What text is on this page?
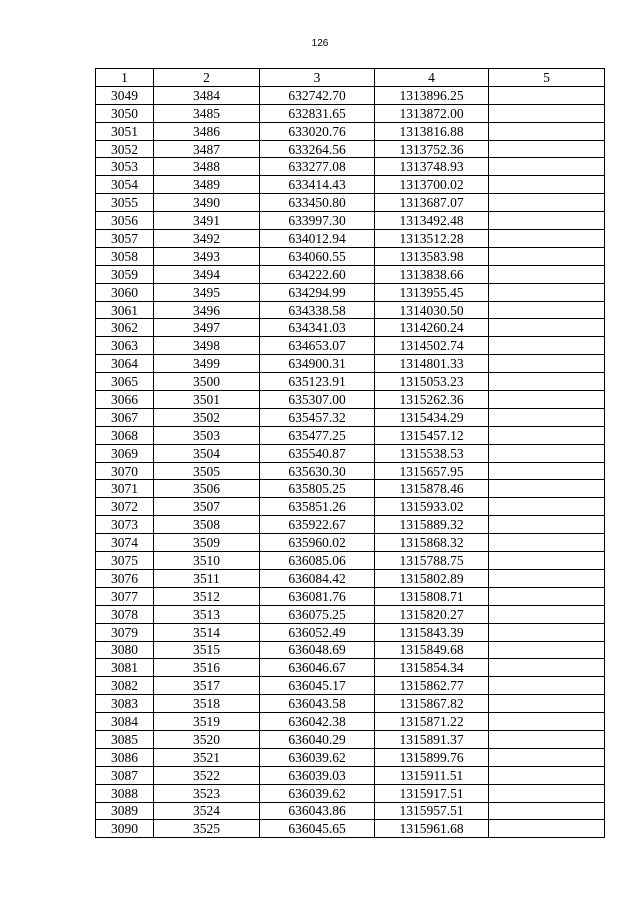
126
1	2	3	4	5
3049	3484	632742.70	1313896.25	
3050	3485	632831.65	1313872.00	
3051	3486	633020.76	1313816.88	
3052	3487	633264.56	1313752.36	
3053	3488	633277.08	1313748.93	
3054	3489	633414.43	1313700.02	
3055	3490	633450.80	1313687.07	
3056	3491	633997.30	1313492.48	
3057	3492	634012.94	1313512.28	
3058	3493	634060.55	1313583.98	
3059	3494	634222.60	1313838.66	
3060	3495	634294.99	1313955.45	
3061	3496	634338.58	1314030.50	
3062	3497	634341.03	1314260.24	
3063	3498	634653.07	1314502.74	
3064	3499	634900.31	1314801.33	
3065	3500	635123.91	1315053.23	
3066	3501	635307.00	1315262.36	
3067	3502	635457.32	1315434.29	
3068	3503	635477.25	1315457.12	
3069	3504	635540.87	1315538.53	
3070	3505	635630.30	1315657.95	
3071	3506	635805.25	1315878.46	
3072	3507	635851.26	1315933.02	
3073	3508	635922.67	1315889.32	
3074	3509	635960.02	1315868.32	
3075	3510	636085.06	1315788.75	
3076	3511	636084.42	1315802.89	
3077	3512	636081.76	1315808.71	
3078	3513	636075.25	1315820.27	
3079	3514	636052.49	1315843.39	
3080	3515	636048.69	1315849.68	
3081	3516	636046.67	1315854.34	
3082	3517	636045.17	1315862.77	
3083	3518	636043.58	1315867.82	
3084	3519	636042.38	1315871.22	
3085	3520	636040.29	1315891.37	
3086	3521	636039.62	1315899.76	
3087	3522	636039.03	1315911.51	
3088	3523	636039.62	1315917.51	
3089	3524	636043.86	1315957.51	
3090	3525	636045.65	1315961.68	
